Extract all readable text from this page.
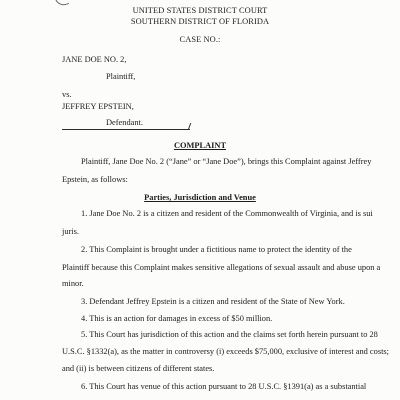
UNITED STATES DISTRICT COURT
SOUTHERN DISTRICT OF FLORIDA
CASE NO.:
JANE DOE NO. 2,
Plaintiff,
vs.
JEFFREY EPSTEIN,
Defendant.
COMPLAINT
Plaintiff, Jane Doe No. 2 (“Jane” or “Jane Doe”), brings this Complaint against Jeffrey
Epstein, as follows:
Parties, Jurisdiction and Venue
1. Jane Doe No. 2 is a citizen and resident of the Commonwealth of Virginia, and is sui
juris.
2. This Complaint is brought under a fictitious name to protect the identity of the
Plaintiff because this Complaint makes sensitive allegations of sexual assault and abuse upon a
minor.
3. Defendant Jeffrey Epstein is a citizen and resident of the State of New York.
4. This is an action for damages in excess of $50 million.
5. This Court has jurisdiction of this action and the claims set forth herein pursuant to 28
U.S.C. §1332(a), as the matter in controversy (i) exceeds $75,000, exclusive of interest and costs;
and (ii) is between citizens of different states.
6. This Court has venue of this action pursuant to 28 U.S.C. §1391(a) as a substantial
